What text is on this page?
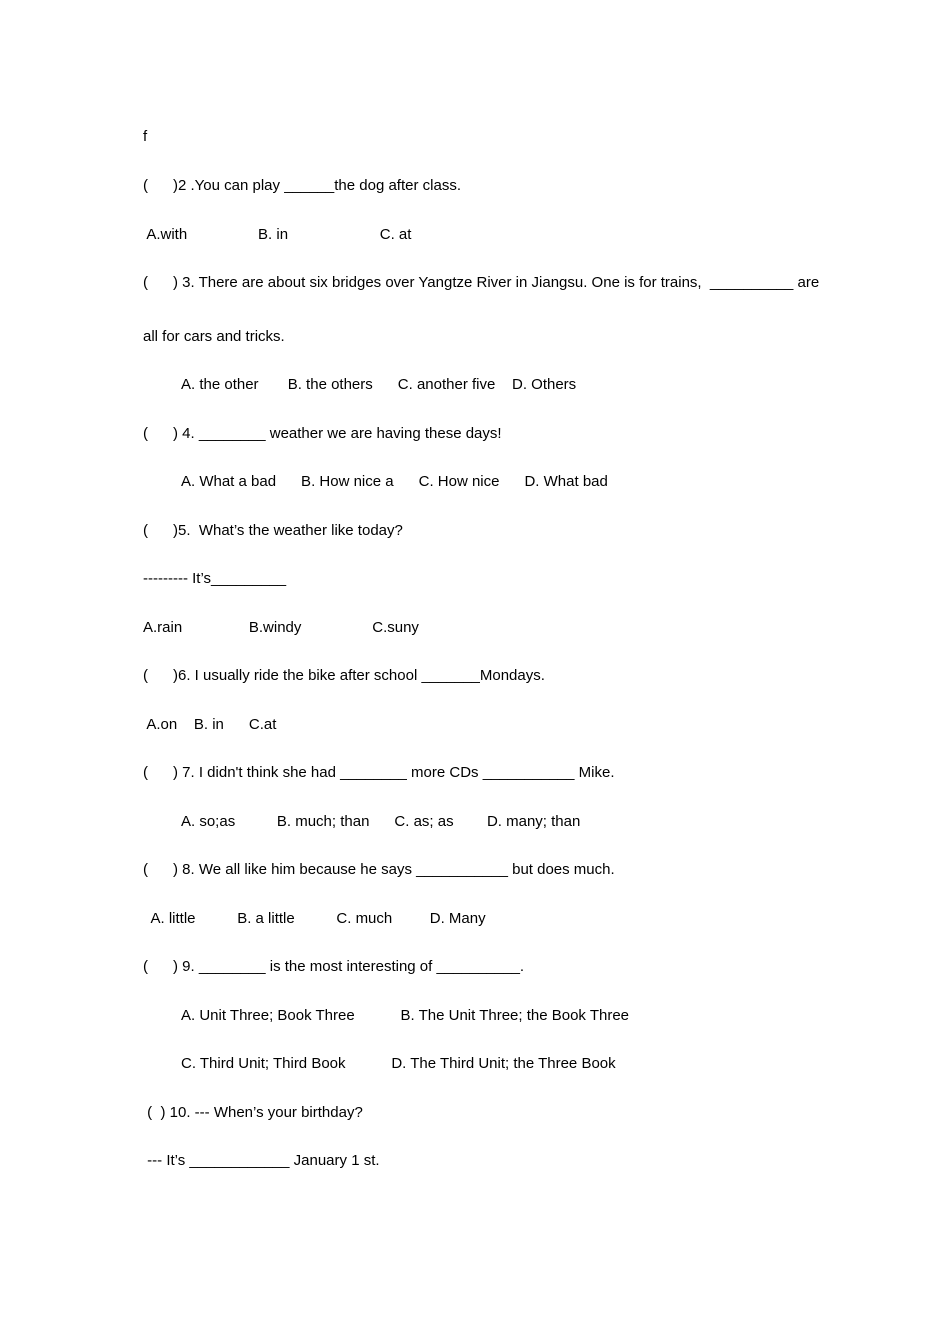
f
(      )2 .You can play ______the dog after class.
A.with                 B. in                      C. at
(      ) 3. There are about six bridges over Yangtze River in Jiangsu. One is for trains,  __________ are
all for cars and tricks.
A. the other       B. the others      C. another five    D. Others
(      ) 4. ________ weather we are having these days!
A. What a bad      B. How nice a      C. How nice      D. What bad
(      )5.  What’s the weather like today?
--------- It’s_________
A.rain                B.windy                 C.suny
(      )6. I usually ride the bike after school _______Mondays.
A.on    B. in      C.at
(      ) 7. I didn't think she had ________ more CDs ___________ Mike.
A. so;as          B. much; than      C. as; as        D. many; than
(      ) 8. We all like him because he says ___________ but does much.
A. little          B. a little          C. much         D. Many
(      ) 9. ________ is the most interesting of __________.
A. Unit Three; Book Three           B. The Unit Three; the Book Three
C. Third Unit; Third Book           D. The Third Unit; the Three Book
(  ) 10. --- When’s your birthday?
--- It’s ____________ January 1 st.
